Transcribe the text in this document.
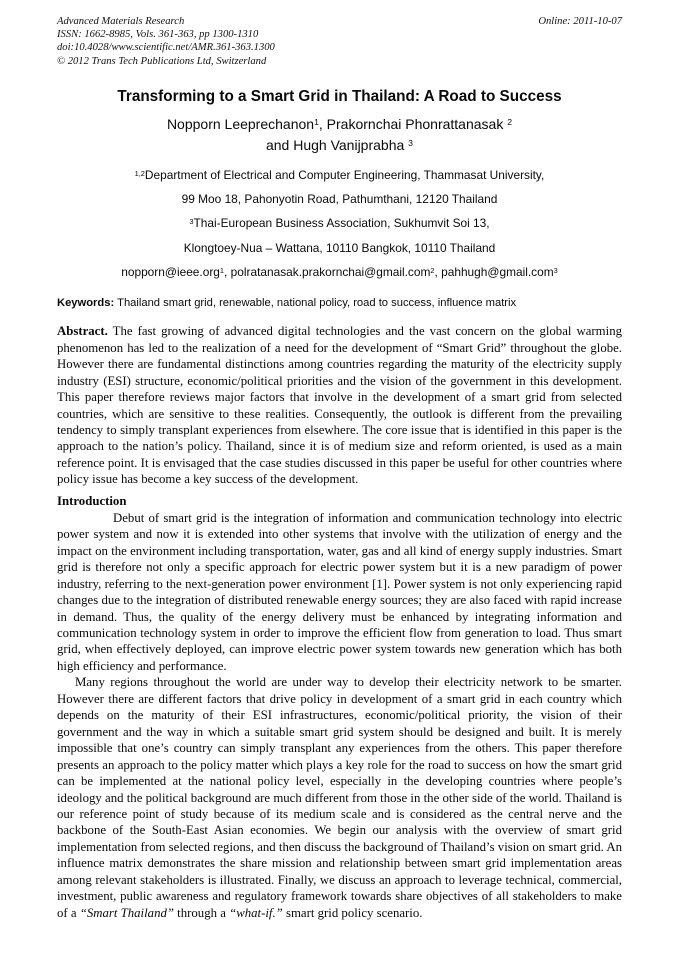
Advanced Materials Research
ISSN: 1662-8985, Vols. 361-363, pp 1300-1310
doi:10.4028/www.scientific.net/AMR.361-363.1300
© 2012 Trans Tech Publications Ltd, Switzerland
Online: 2011-10-07
Transforming to a Smart Grid in Thailand: A Road to Success
Nopporn Leeprechanon$^1$, Prakornchai Phonrattanasak $^2$
and Hugh Vanijprabha $^3$
$^{1,2}$Department of Electrical and Computer Engineering, Thammasat University,
99 Moo 18, Pahonyotin Road, Pathumthani, 12120 Thailand
$^3$Thai-European Business Association, Sukhumvit Soi 13,
Klongtoey-Nua – Wattana, 10110 Bangkok, 10110 Thailand
nopporn@ieee.org$^1$, polratanasak.prakornchai@gmail.com$^2$, pahhugh@gmail.com$^3$
Keywords: Thailand smart grid, renewable, national policy, road to success, influence matrix
Abstract. The fast growing of advanced digital technologies and the vast concern on the global warming phenomenon has led to the realization of a need for the development of “Smart Grid” throughout the globe. However there are fundamental distinctions among countries regarding the maturity of the electricity supply industry (ESI) structure, economic/political priorities and the vision of the government in this development. This paper therefore reviews major factors that involve in the development of a smart grid from selected countries, which are sensitive to these realities. Consequently, the outlook is different from the prevailing tendency to simply transplant experiences from elsewhere. The core issue that is identified in this paper is the approach to the nation’s policy. Thailand, since it is of medium size and reform oriented, is used as a main reference point. It is envisaged that the case studies discussed in this paper be useful for other countries where policy issue has become a key success of the development.
Introduction

Debut of smart grid is the integration of information and communication technology into electric power system and now it is extended into other systems that involve with the utilization of energy and the impact on the environment including transportation, water, gas and all kind of energy supply industries. Smart grid is therefore not only a specific approach for electric power system but it is a new paradigm of power industry, referring to the next-generation power environment [1]. Power system is not only experiencing rapid changes due to the integration of distributed renewable energy sources; they are also faced with rapid increase in demand. Thus, the quality of the energy delivery must be enhanced by integrating information and communication technology system in order to improve the efficient flow from generation to load. Thus smart grid, when effectively deployed, can improve electric power system towards new generation which has both high efficiency and performance.

Many regions throughout the world are under way to develop their electricity network to be smarter. However there are different factors that drive policy in development of a smart grid in each country which depends on the maturity of their ESI infrastructures, economic/political priority, the vision of their government and the way in which a suitable smart grid system should be designed and built. It is merely impossible that one’s country can simply transplant any experiences from the others. This paper therefore presents an approach to the policy matter which plays a key role for the road to success on how the smart grid can be implemented at the national policy level, especially in the developing countries where people’s ideology and the political background are much different from those in the other side of the world. Thailand is our reference point of study because of its medium scale and is considered as the central nerve and the backbone of the South-East Asian economies. We begin our analysis with the overview of smart grid implementation from selected regions, and then discuss the background of Thailand’s vision on smart grid. An influence matrix demonstrates the share mission and relationship between smart grid implementation areas among relevant stakeholders is illustrated. Finally, we discuss an approach to leverage technical, commercial, investment, public awareness and regulatory framework towards share objectives of all stakeholders to make of a “Smart Thailand” through a “what-if.” smart grid policy scenario.
